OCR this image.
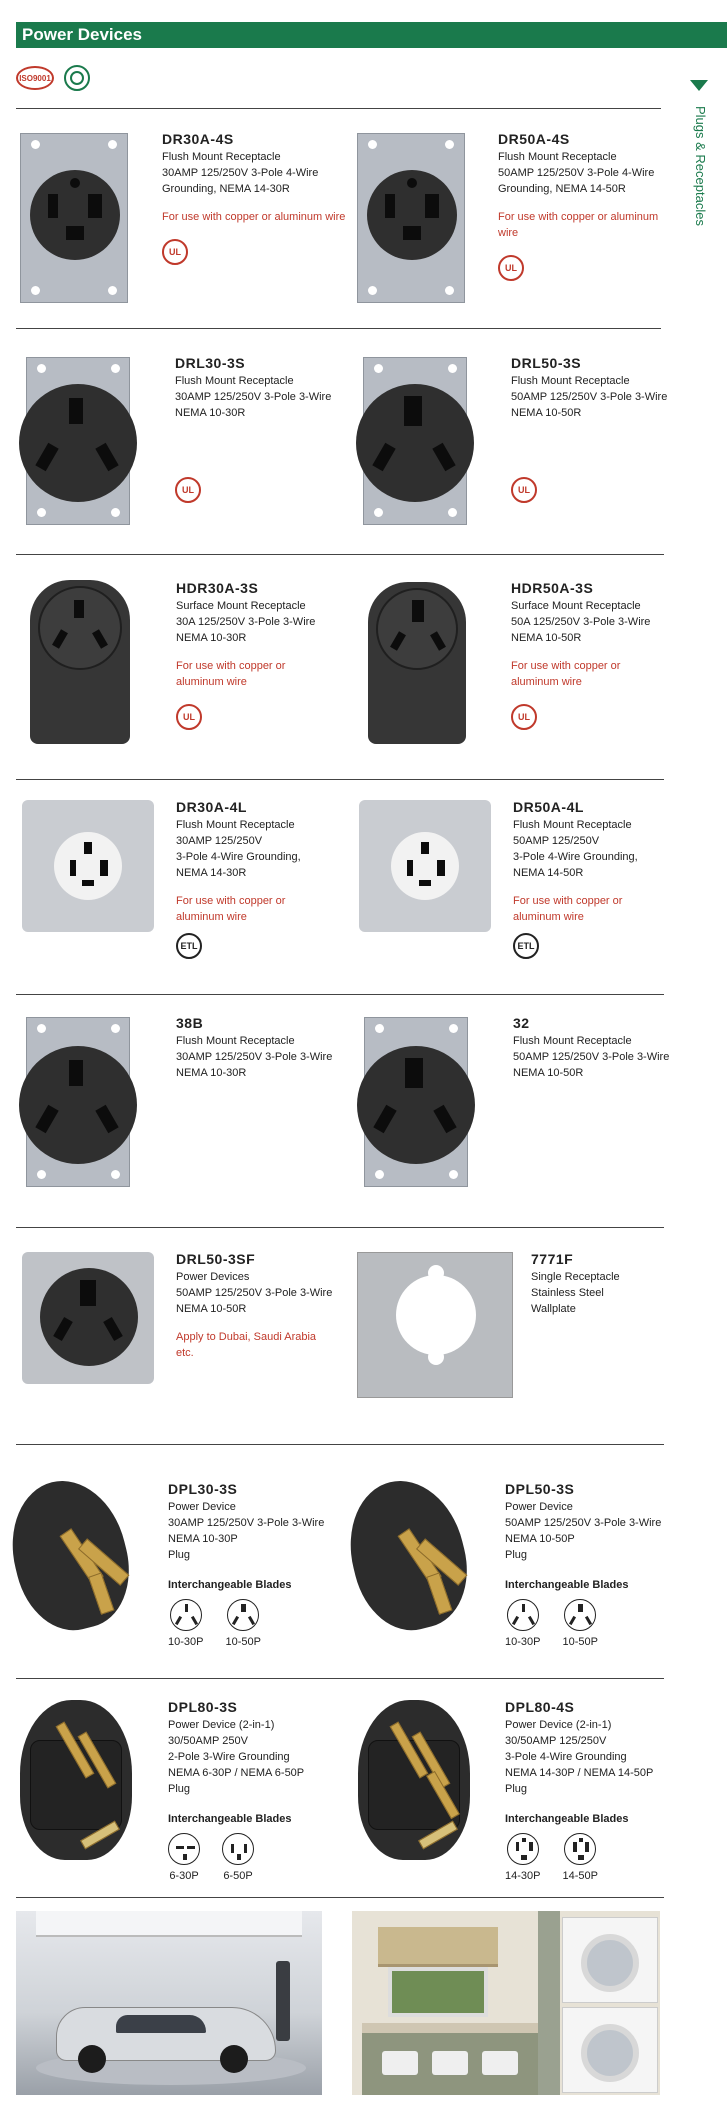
Power Devices
ISO9001
Plugs & Receptacles
DR30A-4S
Flush Mount Receptacle
30AMP 125/250V 3-Pole 4-Wire
Grounding, NEMA 14-30R
For use with copper or aluminum wire
UL
DR50A-4S
Flush Mount Receptacle
50AMP 125/250V 3-Pole 4-Wire
Grounding, NEMA 14-50R
For use with copper or aluminum wire
UL
DRL30-3S
Flush Mount Receptacle
30AMP 125/250V 3-Pole 3-Wire
NEMA 10-30R
UL
DRL50-3S
Flush Mount Receptacle
50AMP 125/250V 3-Pole 3-Wire
NEMA 10-50R
UL
HDR30A-3S
Surface Mount Receptacle
30A 125/250V 3-Pole 3-Wire
NEMA 10-30R
For use with copper or aluminum wire
UL
HDR50A-3S
Surface Mount Receptacle
50A 125/250V 3-Pole 3-Wire
NEMA 10-50R
For use with copper or aluminum wire
UL
DR30A-4L
Flush Mount Receptacle
30AMP 125/250V
3-Pole 4-Wire Grounding,
NEMA 14-30R
For use with copper or aluminum wire
ETL
DR50A-4L
Flush Mount Receptacle
50AMP 125/250V
3-Pole 4-Wire Grounding,
NEMA 14-50R
For use with copper or aluminum wire
ETL
38B
Flush Mount Receptacle
30AMP 125/250V 3-Pole 3-Wire
NEMA 10-30R
32
Flush Mount Receptacle
50AMP 125/250V 3-Pole 3-Wire
NEMA 10-50R
DRL50-3SF
Power Devices
50AMP 125/250V 3-Pole 3-Wire
NEMA 10-50R
Apply to Dubai, Saudi Arabia etc.
7771F
Single Receptacle
Stainless Steel
Wallplate
DPL30-3S
Power Device
30AMP 125/250V 3-Pole 3-Wire
NEMA 10-30P
Plug
Interchangeable Blades
10-30P 10-50P
DPL50-3S
Power Device
50AMP 125/250V 3-Pole 3-Wire
NEMA 10-50P
Plug
Interchangeable Blades
10-30P 10-50P
DPL80-3S
Power Device (2-in-1)
30/50AMP 250V
2-Pole 3-Wire Grounding
NEMA 6-30P / NEMA 6-50P
Plug
Interchangeable Blades
6-30P 6-50P
DPL80-4S
Power Device (2-in-1)
30/50AMP 125/250V
3-Pole 4-Wire Grounding
NEMA 14-30P / NEMA 14-50P
Plug
Interchangeable Blades
14-30P 14-50P
